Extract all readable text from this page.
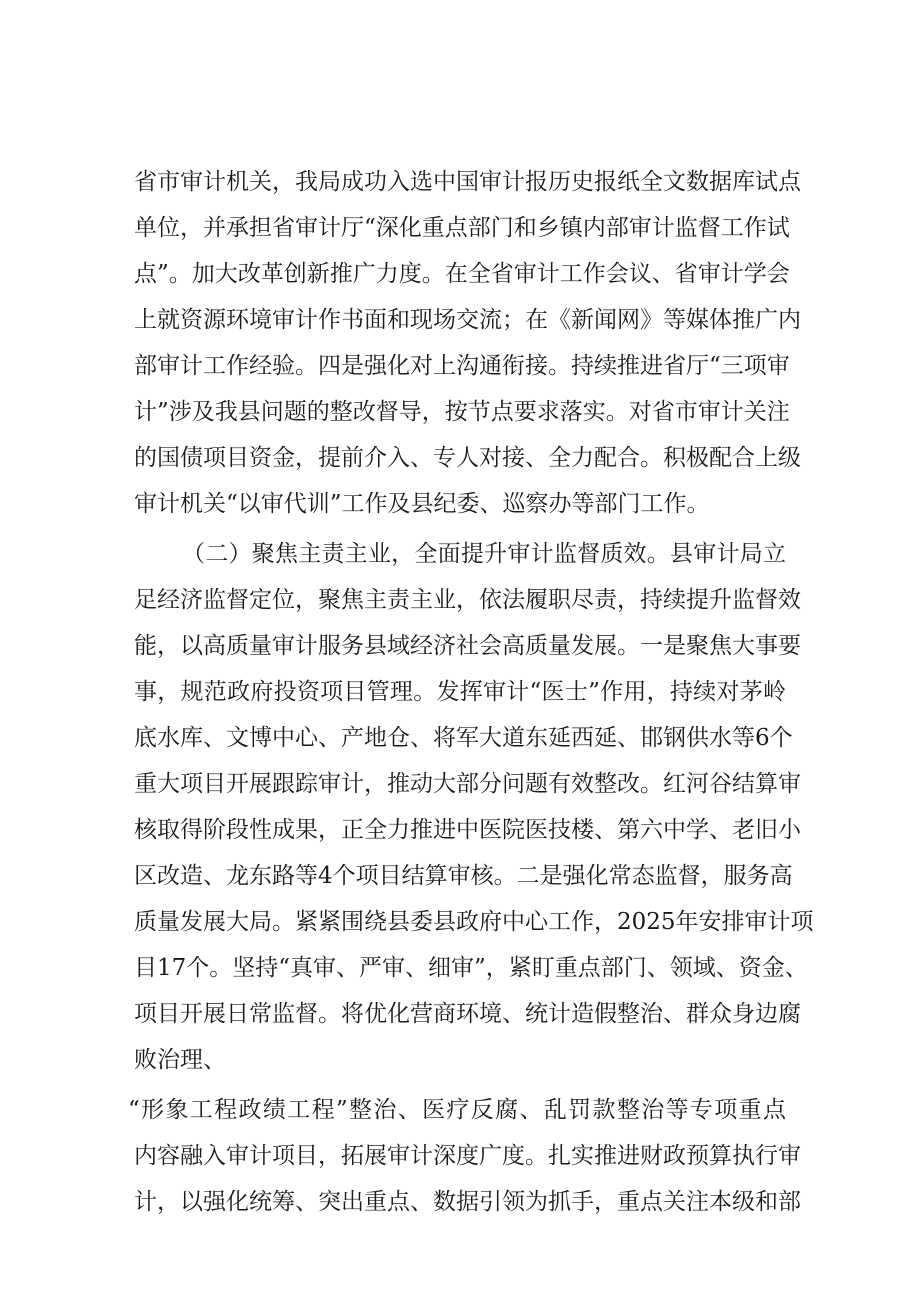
省市审计机关，我局成功入选中国审计报历史报纸全文数据库试点
单位，并承担省审计厅“深化重点部门和乡镇内部审计监督工作试
点”。加大改革创新推广力度。在全省审计工作会议、省审计学会
上就资源环境审计作书面和现场交流；在《新闻网》等媒体推广内
部审计工作经验。四是强化对上沟通衔接。持续推进省厅“三项审
计”涉及我县问题的整改督导，按节点要求落实。对省市审计关注
的国债项目资金，提前介入、专人对接、全力配合。积极配合上级
审计机关“以审代训”工作及县纪委、巡察办等部门工作。
（二）聚焦主责主业，全面提升审计监督质效。县审计局立
足经济监督定位，聚焦主责主业，依法履职尽责，持续提升监督效
能，以高质量审计服务县域经济社会高质量发展。一是聚焦大事要
事，规范政府投资项目管理。发挥审计“医士”作用，持续对茅岭
底水库、文博中心、产地仓、将军大道东延西延、邯钢供水等6个
重大项目开展跟踪审计，推动大部分问题有效整改。红河谷结算审
核取得阶段性成果，正全力推进中医院医技楼、第六中学、老旧小
区改造、龙东路等4个项目结算审核。二是强化常态监督，服务高
质量发展大局。紧紧围绕县委县政府中心工作，2025年安排审计项
目17个。坚持“真审、严审、细审”，紧盯重点部门、领域、资金、
项目开展日常监督。将优化营商环境、统计造假整治、群众身边腐
败治理、
“形象工程政绩工程”整治、医疗反腐、乱罚款整治等专项重点
内容融入审计项目，拓展审计深度广度。扎实推进财政预算执行审
计，以强化统筹、突出重点、数据引领为抓手，重点关注本级和部
